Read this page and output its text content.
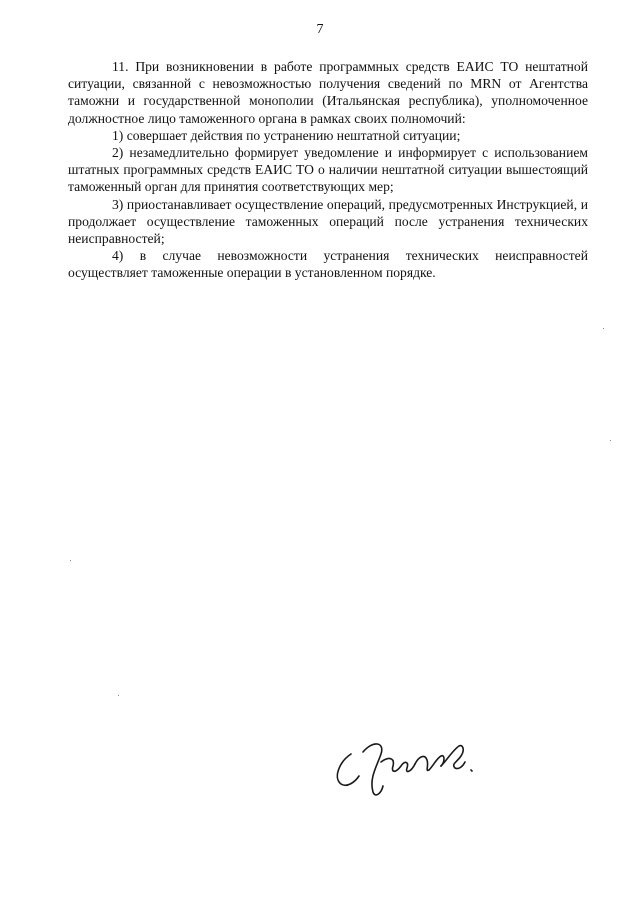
7

11. При возникновении в работе программных средств ЕАИС ТО нештатной ситуации, связанной с невозможностью получения сведений по MRN от Агентства таможни и государственной монополии (Итальянская республика), уполномоченное должностное лицо таможенного органа в рамках своих полномочий:

1) совершает действия по устранению нештатной ситуации;

2) незамедлительно формирует уведомление и информирует с использованием штатных программных средств ЕАИС ТО о наличии нештатной ситуации вышестоящий таможенный орган для принятия соответствующих мер;

3) приостанавливает осуществление операций, предусмотренных Инструкцией, и продолжает осуществление таможенных операций после устранения технических неисправностей;

4) в случае невозможности устранения технических неисправностей осуществляет таможенные операции в установленном порядке.
